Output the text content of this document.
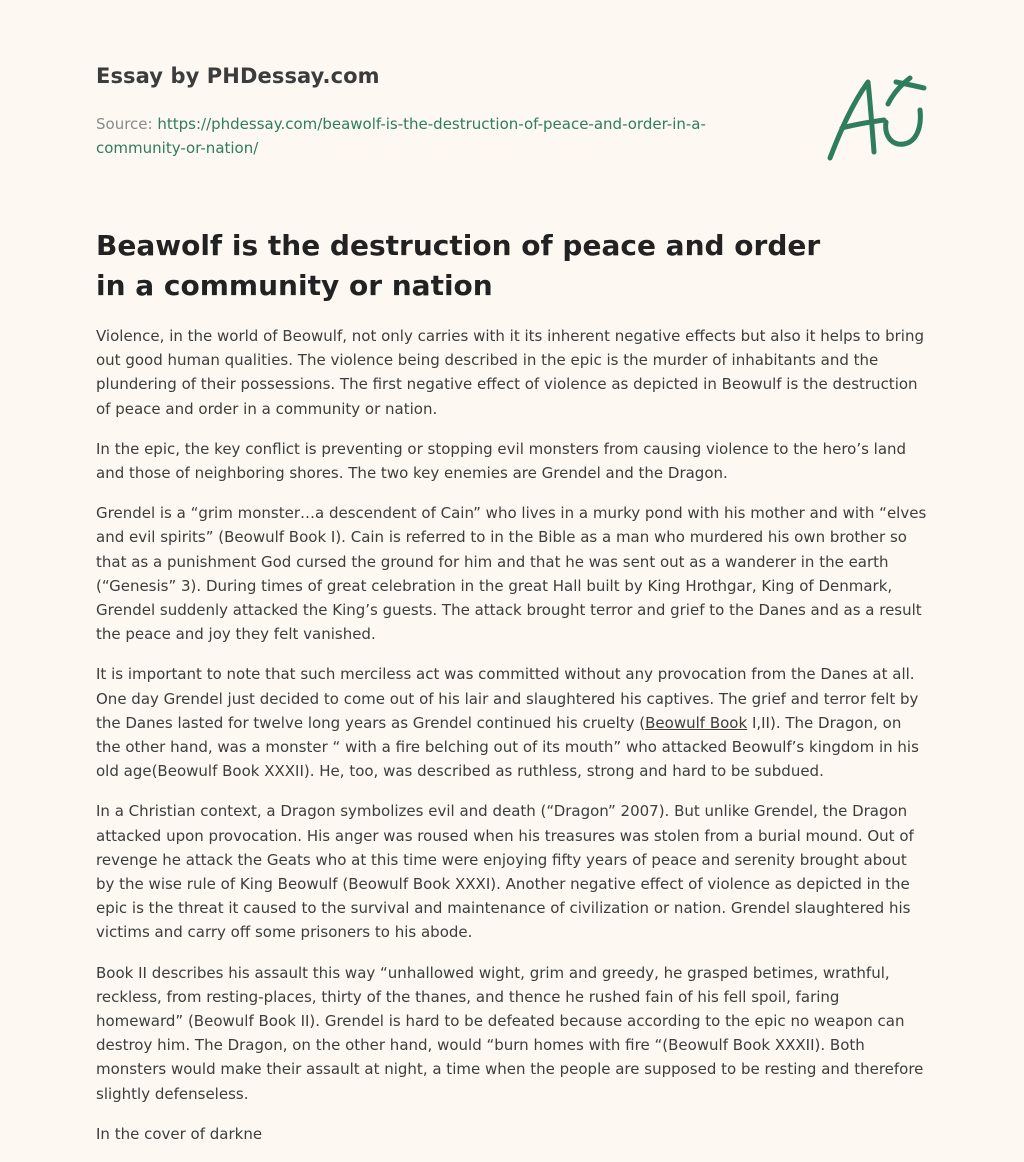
Essay by PHDessay.com
Source: https://phdessay.com/beawolf-is-the-destruction-of-peace-and-order-in-a-community-or-nation/
Beawolf is the destruction of peace and order in a community or nation

Violence, in the world of Beowulf, not only carries with it its inherent negative effects but also it helps to bring out good human qualities. The violence being described in the epic is the murder of inhabitants and the plundering of their possessions. The first negative effect of violence as depicted in Beowulf is the destruction of peace and order in a community or nation.

In the epic, the key conflict is preventing or stopping evil monsters from causing violence to the hero’s land and those of neighboring shores. The two key enemies are Grendel and the Dragon.

Grendel is a “grim monster…a descendent of Cain” who lives in a murky pond with his mother and with “elves and evil spirits” (Beowulf Book I). Cain is referred to in the Bible as a man who murdered his own brother so that as a punishment God cursed the ground for him and that he was sent out as a wanderer in the earth (“Genesis” 3). During times of great celebration in the great Hall built by King Hrothgar, King of Denmark, Grendel suddenly attacked the King’s guests. The attack brought terror and grief to the Danes and as a result the peace and joy they felt vanished.

It is important to note that such merciless act was committed without any provocation from the Danes at all. One day Grendel just decided to come out of his lair and slaughtered his captives. The grief and terror felt by the Danes lasted for twelve long years as Grendel continued his cruelty (Beowulf Book I,II). The Dragon, on the other hand, was a monster “ with a fire belching out of its mouth” who attacked Beowulf’s kingdom in his old age(Beowulf Book XXXII). He, too, was described as ruthless, strong and hard to be subdued.

In a Christian context, a Dragon symbolizes evil and death (“Dragon” 2007). But unlike Grendel, the Dragon attacked upon provocation. His anger was roused when his treasures was stolen from a burial mound. Out of revenge he attack the Geats who at this time were enjoying fifty years of peace and serenity brought about by the wise rule of King Beowulf (Beowulf Book XXXI). Another negative effect of violence as depicted in the epic is the threat it caused to the survival and maintenance of civilization or nation. Grendel slaughtered his victims and carry off some prisoners to his abode.

Book II describes his assault this way “unhallowed wight, grim and greedy, he grasped betimes, wrathful, reckless, from resting-places, thirty of the thanes, and thence he rushed fain of his fell spoil, faring homeward” (Beowulf Book II). Grendel is hard to be defeated because according to the epic no weapon can destroy him. The Dragon, on the other hand, would “burn homes with fire “(Beowulf Book XXXII). Both monsters would make their assault at night, a time when the people are supposed to be resting and therefore slightly defenseless.

In the cover of darkne
